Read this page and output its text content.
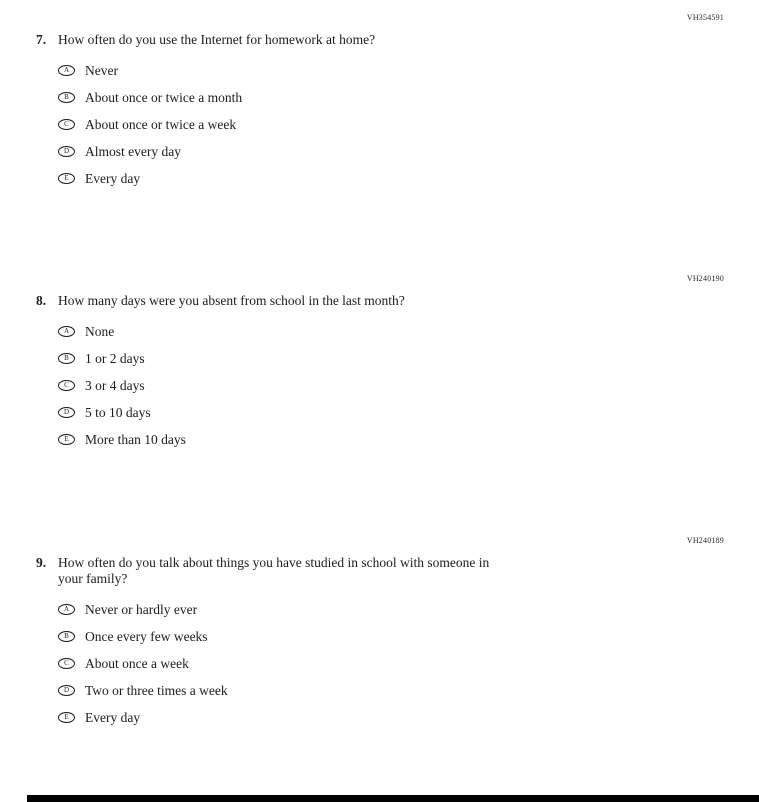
VH354591
7. How often do you use the Internet for homework at home?
A Never
B About once or twice a month
C About once or twice a week
D Almost every day
E Every day
VH240190
8. How many days were you absent from school in the last month?
A None
B 1 or 2 days
C 3 or 4 days
D 5 to 10 days
E More than 10 days
VH240189
9. How often do you talk about things you have studied in school with someone in
your family?
A Never or hardly ever
B Once every few weeks
C About once a week
D Two or three times a week
E Every day
